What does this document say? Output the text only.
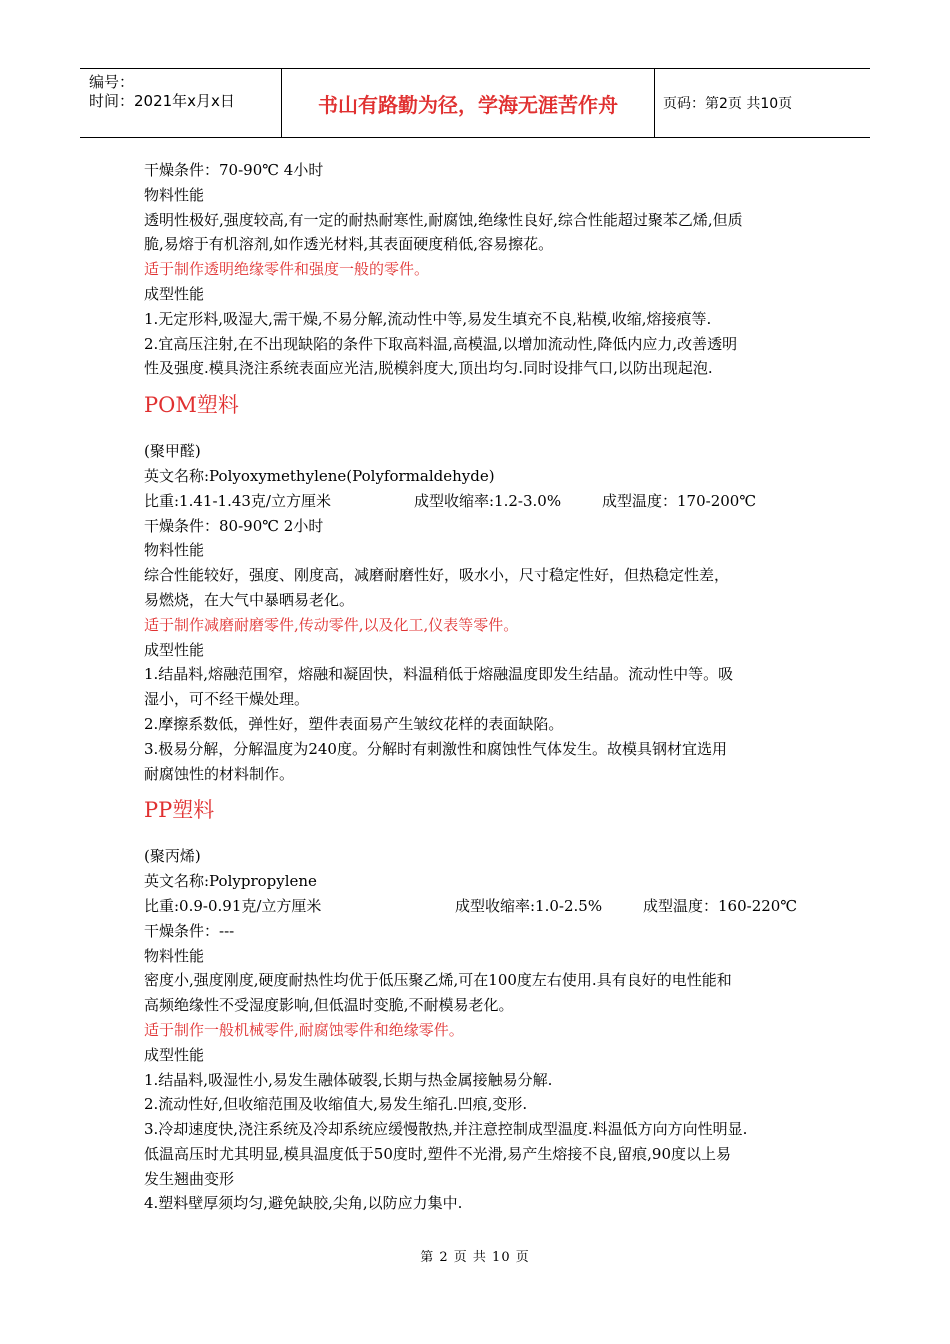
编号：
时间：2021年x月x日	书山有路勤为径，学海无涯苦作舟	页码：第2页 共10页
干燥条件：70-90℃ 4小时
物料性能
透明性极好,强度较高,有一定的耐热耐寒性,耐腐蚀,绝缘性良好,综合性能超过聚苯乙烯,但质
脆,易熔于有机溶剂,如作透光材料,其表面硬度稍低,容易擦花。
适于制作透明绝缘零件和强度一般的零件。
成型性能
1.无定形料,吸湿大,需干燥,不易分解,流动性中等,易发生填充不良,粘模,收缩,熔接痕等.
2.宜高压注射,在不出现缺陷的条件下取高料温,高模温,以增加流动性,降低内应力,改善透明
性及强度.模具浇注系统表面应光洁,脱模斜度大,顶出均匀.同时设排气口,以防出现起泡.
POM塑料
(聚甲醛)
英文名称:Polyoxymethylene(Polyformaldehyde)
比重:1.41-1.43克/立方厘米	成型收缩率:1.2-3.0%	成型温度：170-200℃
干燥条件：80-90℃ 2小时
物料性能
综合性能较好，强度、刚度高，减磨耐磨性好，吸水小，尺寸稳定性好，但热稳定性差，
易燃烧，在大气中暴晒易老化。
适于制作减磨耐磨零件,传动零件,以及化工,仪表等零件。
成型性能
1.结晶料,熔融范围窄，熔融和凝固快，料温稍低于熔融温度即发生结晶。流动性中等。吸
湿小，可不经干燥处理。
2.摩擦系数低，弹性好，塑件表面易产生皱纹花样的表面缺陷。
3.极易分解，分解温度为240度。分解时有刺激性和腐蚀性气体发生。故模具钢材宜选用
耐腐蚀性的材料制作。
PP塑料
(聚丙烯)
英文名称:Polypropylene
比重:0.9-0.91克/立方厘米	成型收缩率:1.0-2.5%	成型温度：160-220℃
干燥条件：---
物料性能
密度小,强度刚度,硬度耐热性均优于低压聚乙烯,可在100度左右使用.具有良好的电性能和
高频绝缘性不受湿度影响,但低温时变脆,不耐模易老化。
适于制作一般机械零件,耐腐蚀零件和绝缘零件。
成型性能
1.结晶料,吸湿性小,易发生融体破裂,长期与热金属接触易分解.
2.流动性好,但收缩范围及收缩值大,易发生缩孔.凹痕,变形.
3.冷却速度快,浇注系统及冷却系统应缓慢散热,并注意控制成型温度.料温低方向方向性明显.
低温高压时尤其明显,模具温度低于50度时,塑件不光滑,易产生熔接不良,留痕,90度以上易
发生翘曲变形
4.塑料壁厚须均匀,避免缺胶,尖角,以防应力集中.
第 2 页 共 10 页
